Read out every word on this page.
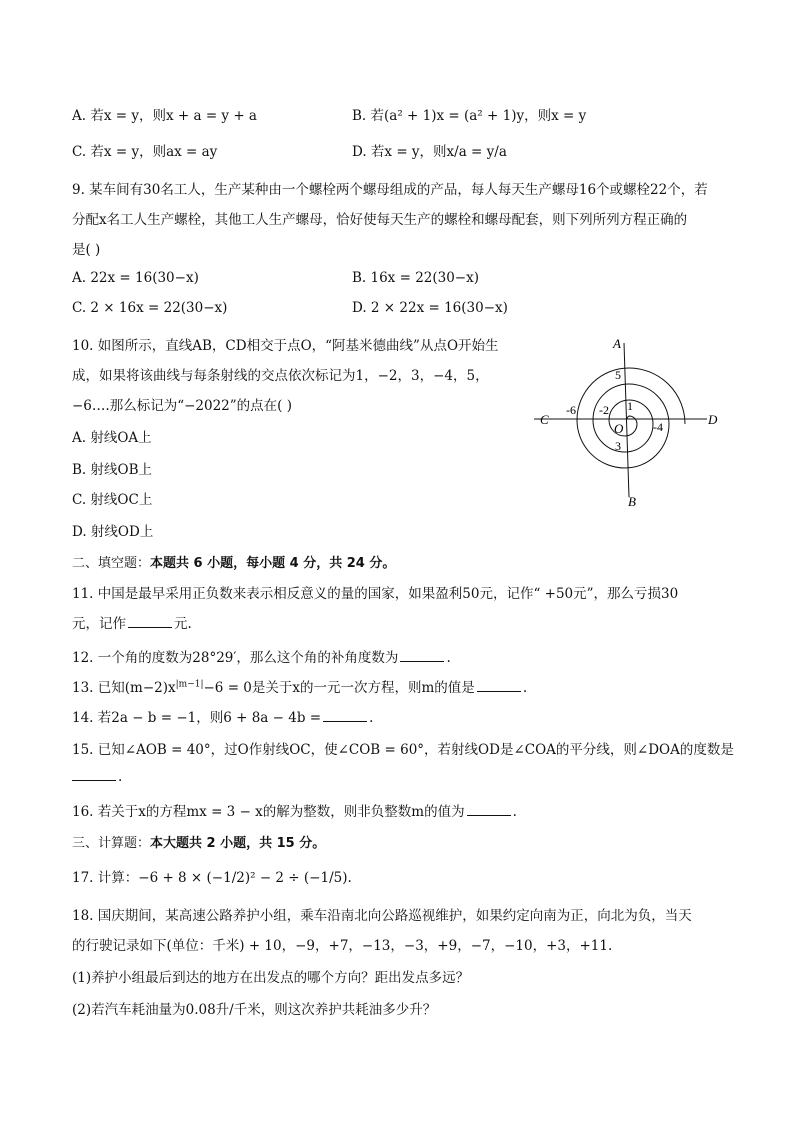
A. 若x = y，则x + a = y + a	B. 若(a² + 1)x = (a² + 1)y，则x = y
C. 若x = y，则ax = ay	D. 若x = y，则x/a = y/a
9. 某车间有30名工人，生产某种由一个螺栓两个螺母组成的产品，每人每天生产螺母16个或螺栓22个，若
分配x名工人生产螺栓，其他工人生产螺母，恰好使每天生产的螺栓和螺母配套，则下列所列方程正确的
是( )
A. 22x = 16(30−x)	B. 16x = 22(30−x)
C. 2 × 16x = 22(30−x)	D. 2 × 22x = 16(30−x)
10. 如图所示，直线AB，CD相交于点O，“阿基米德曲线”从点O开始生
成，如果将该曲线与每条射线的交点依次标记为1，−2，3，−4，5，
−6….那么标记为“−2022”的点在( )
A. 射线OA上
B. 射线OB上
C. 射线OC上
D. 射线OD上
A
B
C	D
O
5
1
3
-2
-4
-6
二、填空题：本题共 6 小题，每小题 4 分，共 24 分。
11. 中国是最早采用正负数来表示相反意义的量的国家，如果盈利50元，记作“ +50元”，那么亏损30
元，记作	元.
12. 一个角的度数为28°29′，那么这个角的补角度数为	.
13. 已知$(m-2)x^{|m-1|}-6 = 0$是关于x的一元一次方程，则m的值是	.
14. 若2a − b = −1，则6 + 8a − 4b =	.
15. 已知∠AOB = 40°，过O作射线OC，使∠COB = 60°，若射线OD是∠COA的平分线，则∠DOA的度数是
.
16. 若关于x的方程mx = 3 − x的解为整数，则非负整数m的值为	.
三、计算题：本大题共 2 小题，共 15 分。
17. 计算：−6 + 8 × (−1/2)² − 2 ÷ (−1/5).
18. 国庆期间，某高速公路养护小组，乘车沿南北向公路巡视维护，如果约定向南为正，向北为负，当天
的行驶记录如下(单位：千米) + 10，−9，+7，−13，−3，+9，−7，−10，+3，+11.
(1)养护小组最后到达的地方在出发点的哪个方向？距出发点多远？
(2)若汽车耗油量为0.08升/千米，则这次养护共耗油多少升？
